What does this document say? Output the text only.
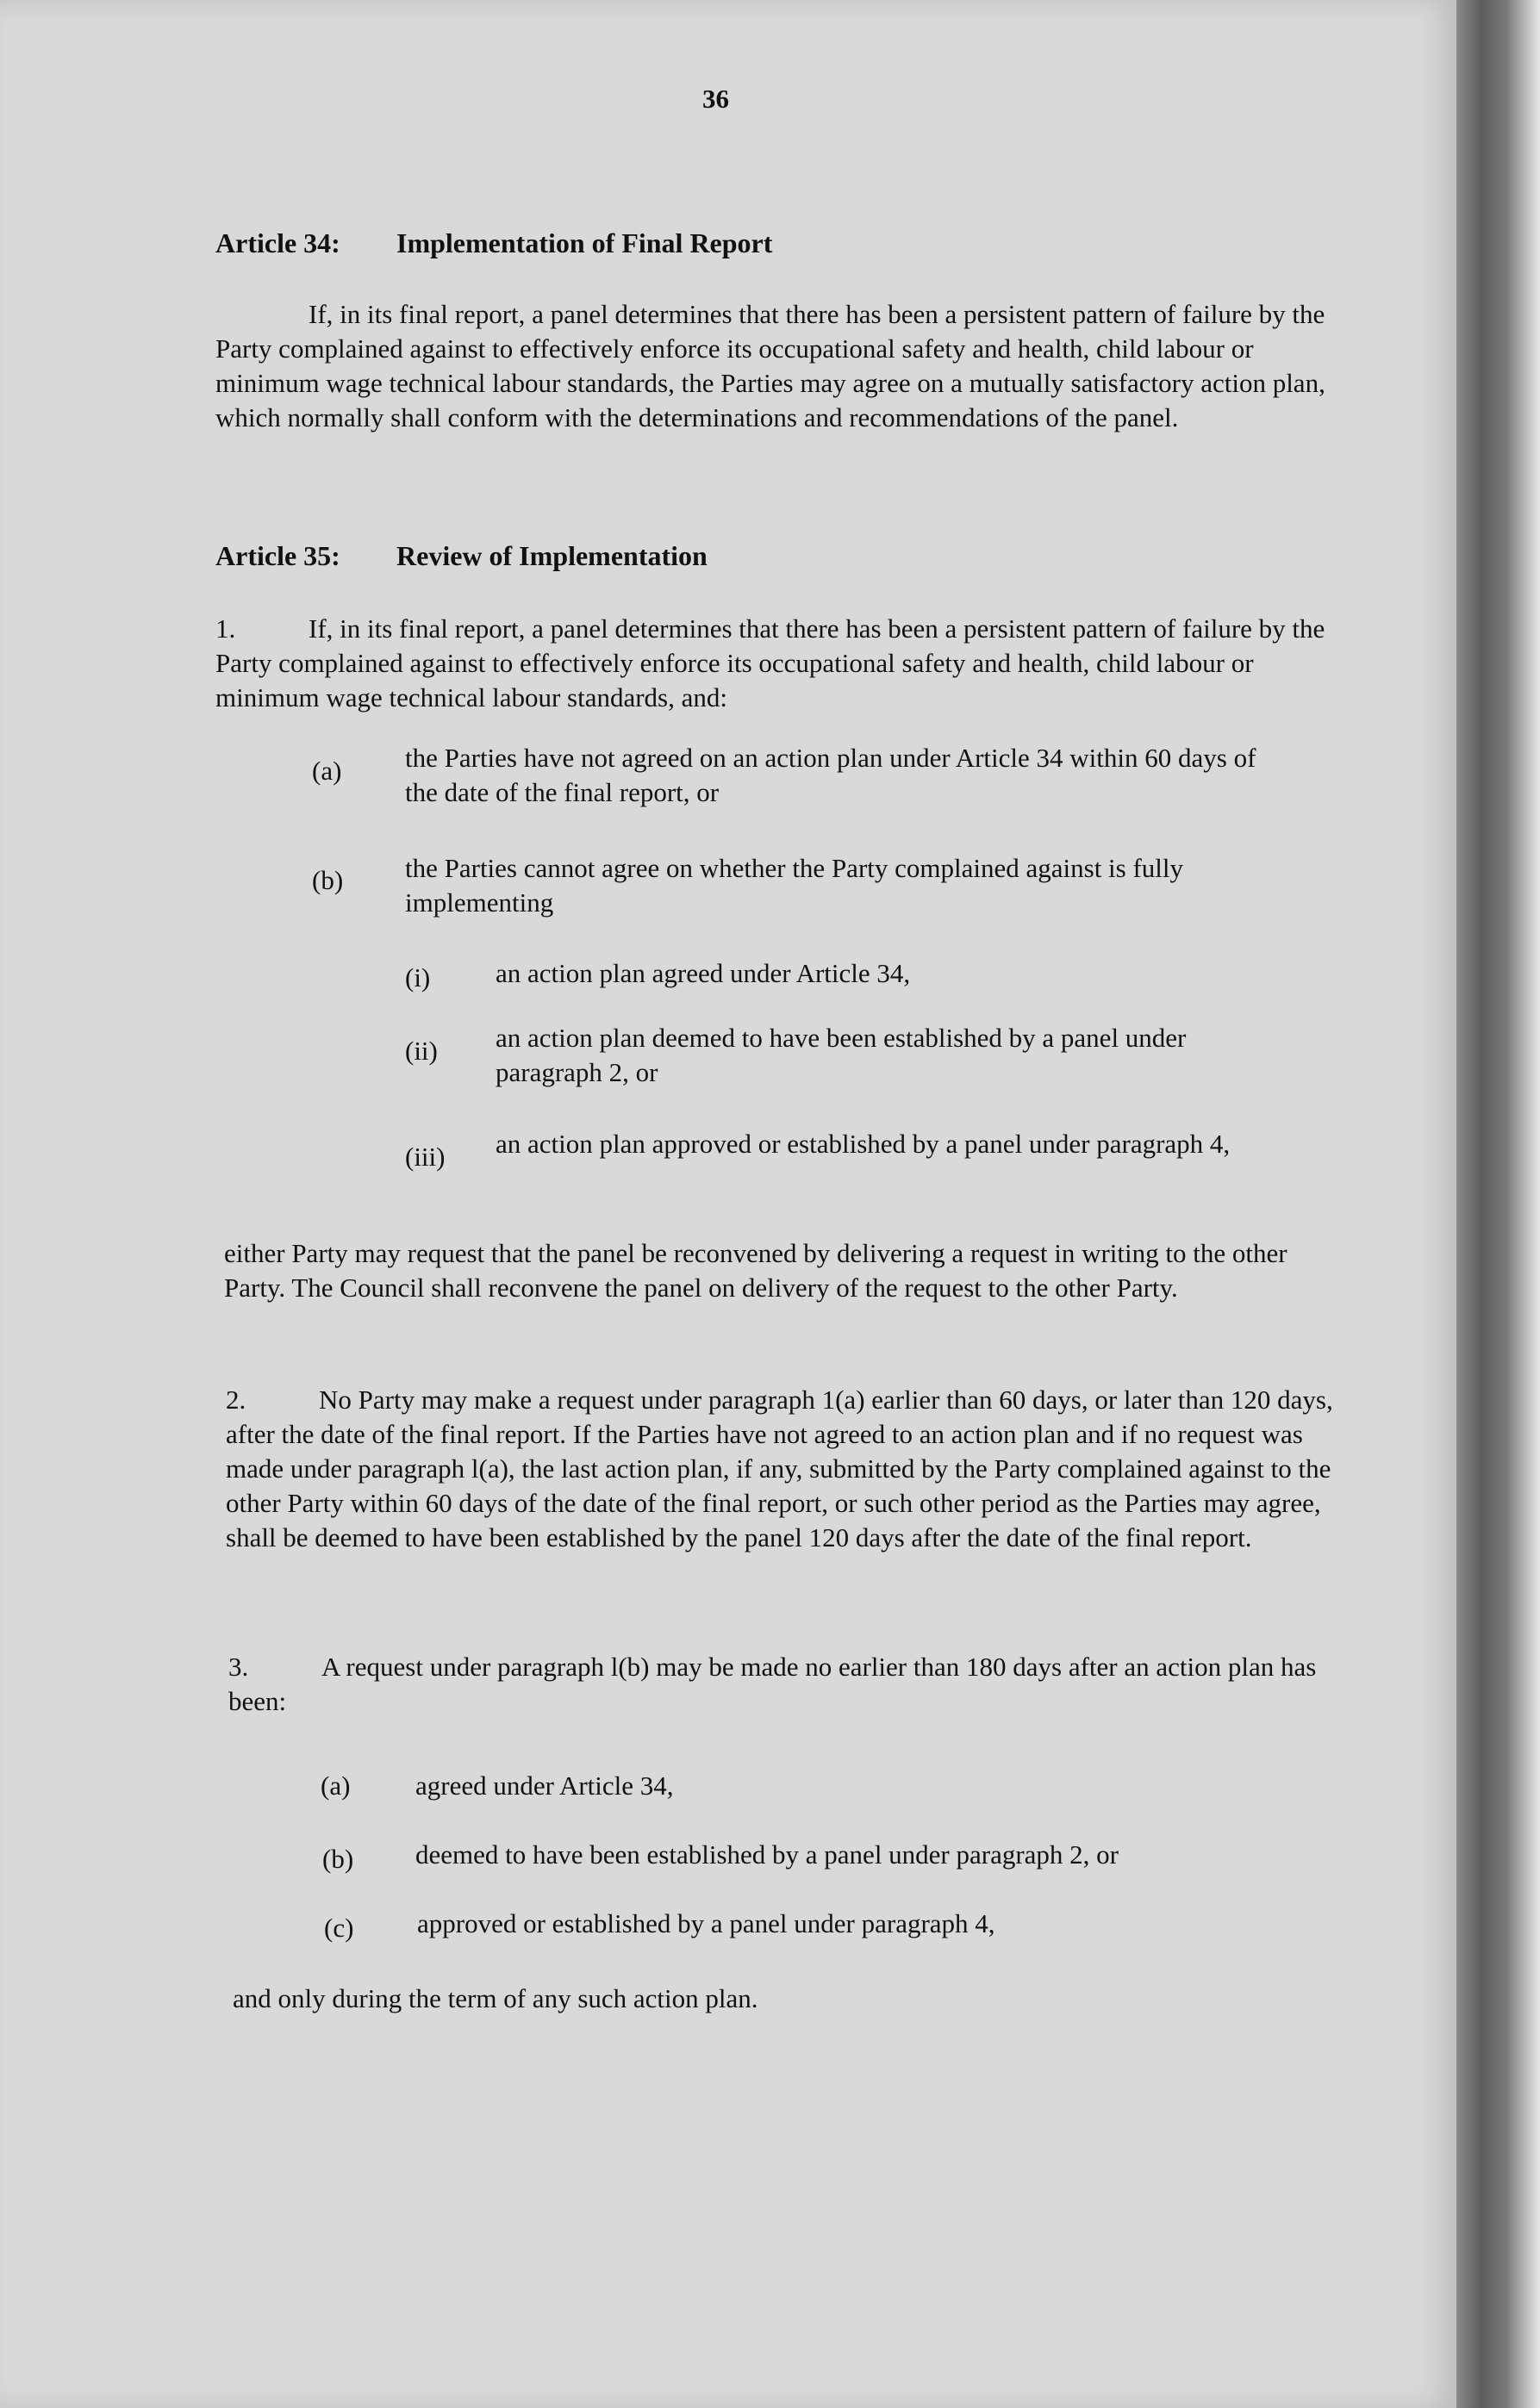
36
Article 34: Implementation of Final Report
If, in its final report, a panel determines that there has been a persistent pattern of failure by the Party complained against to effectively enforce its occupational safety and health, child labour or minimum wage technical labour standards, the Parties may agree on a mutually satisfactory action plan, which normally shall conform with the determinations and recommendations of the panel.
Article 35: Review of Implementation
1.	If, in its final report, a panel determines that there has been a persistent pattern of failure by the Party complained against to effectively enforce its occupational safety and health, child labour or minimum wage technical labour standards, and:
(a) the Parties have not agreed on an action plan under Article 34 within 60 days of the date of the final report, or
(b) the Parties cannot agree on whether the Party complained against is fully implementing
(i) an action plan agreed under Article 34,
(ii) an action plan deemed to have been established by a panel under paragraph 2, or
(iii) an action plan approved or established by a panel under paragraph 4,
either Party may request that the panel be reconvened by delivering a request in writing to the other Party. The Council shall reconvene the panel on delivery of the request to the other Party.
2.	No Party may make a request under paragraph 1(a) earlier than 60 days, or later than 120 days, after the date of the final report. If the Parties have not agreed to an action plan and if no request was made under paragraph l(a), the last action plan, if any, submitted by the Party complained against to the other Party within 60 days of the date of the final report, or such other period as the Parties may agree, shall be deemed to have been established by the panel 120 days after the date of the final report.
3.	A request under paragraph l(b) may be made no earlier than 180 days after an action plan has been:
(a) agreed under Article 34,
(b) deemed to have been established by a panel under paragraph 2, or
(c) approved or established by a panel under paragraph 4,
and only during the term of any such action plan.
